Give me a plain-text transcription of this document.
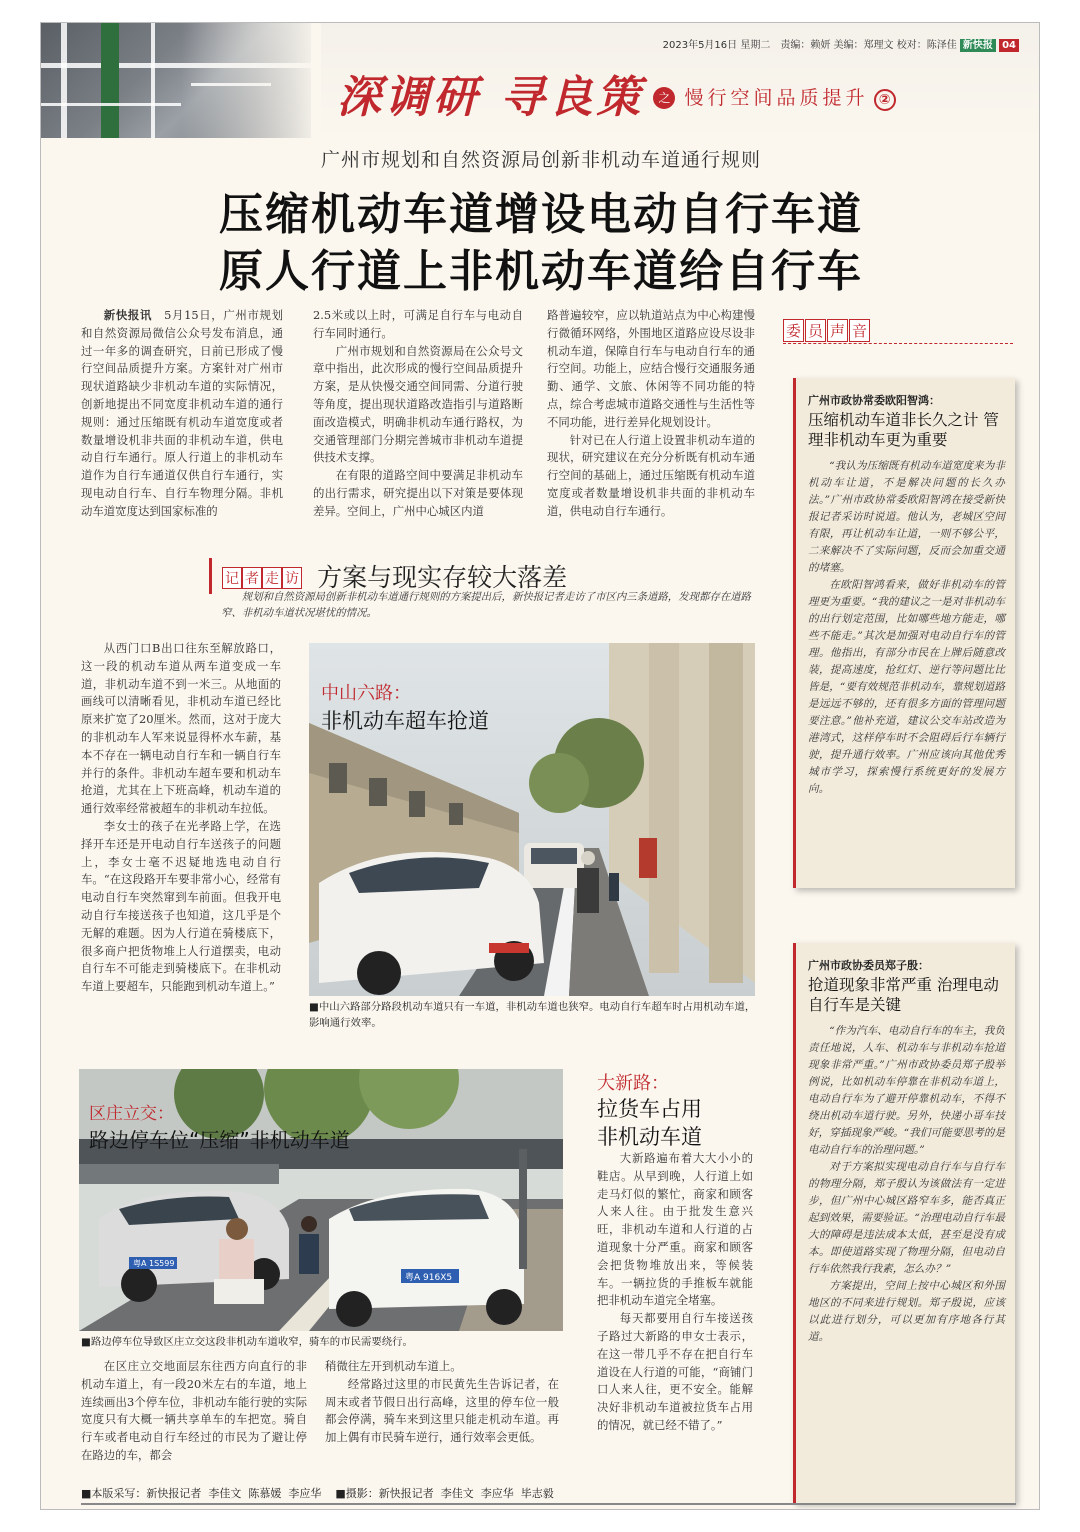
2023年5月16日 星期二　责编：赖妍 美编：郑理文 校对：陈泽佳 新快报 04
深调研 寻良策 之 慢行空间品质提升 ②
广州市规划和自然资源局创新非机动车道通行规则
压缩机动车道增设电动自行车道
原人行道上非机动车道给自行车

新快报讯　 5月15日，广州市规划和自然资源局微信公众号发布消息，通过一年多的调查研究，日前已形成了慢行空间品质提升方案。方案针对广州市现状道路缺少非机动车道的实际情况，创新地提出不同宽度非机动车道的通行规则：通过压缩既有机动车道宽度或者数量增设机非共面的非机动车道，供电动自行车通行。原人行道上的非机动车道作为自行车通道仅供自行车通行，实现电动自行车、自行车物理分隔。非机动车道宽度达到国家标准的

2.5米或以上时，可满足自行车与电动自行车同时通行。

广州市规划和自然资源局在公众号文章中指出，此次形成的慢行空间品质提升方案，是从快慢交通空间同需、分道行驶等角度，提出现状道路改造指引与道路断面改造模式，明确非机动车通行路权，为交通管理部门分期完善城市非机动车道提供技术支撑。

在有限的道路空间中要满足非机动车的出行需求，研究提出以下对策是要体现差异。空间上，广州中心城区内道

路普遍较窄，应以轨道站点为中心构建慢行微循环网络，外围地区道路应设尽设非机动车道，保障自行车与电动自行车的通行空间。功能上，应结合慢行交通服务通勤、通学、文旅、休闲等不同功能的特点，综合考虑城市道路交通性与生活性等不同功能，进行差异化规划设计。

针对已在人行道上设置非机动车道的现状，研究建议在充分分析既有机动车通行空间的基础上，通过压缩既有机动车道宽度或者数量增设机非共面的非机动车道，供电动自行车通行。

委 员 声 音
广州市政协常委欧阳智鸿：
压缩机动车道非长久之计 管理非机动车更为重要

“我认为压缩既有机动车道宽度来为非机动车让道，不是解决问题的长久办法。”广州市政协常委欧阳智鸿在接受新快报记者采访时说道。他认为，老城区空间有限，再让机动车让道，一则不够公平，二来解决不了实际问题，反而会加重交通的堵塞。

在欧阳智鸿看来，做好非机动车的管理更为重要。“我的建议之一是对非机动车的出行划定范围，比如哪些地方能走，哪些不能走。”其次是加强对电动自行车的管理。他指出，有部分市民在上牌后随意改装，提高速度，抢红灯、逆行等问题比比皆是，“要有效规范非机动车，靠规划道路是远远不够的，还有很多方面的管理问题要注意。”他补充道，建议公交车站改造为港湾式，这样停车时不会阻碍后行车辆行驶，提升通行效率。广州应该向其他优秀城市学习，探索慢行系统更好的发展方向。

广州市政协委员郑子殷：
抢道现象非常严重 治理电动自行车是关键

“作为汽车、电动自行车的车主，我负责任地说，人车、机动车与非机动车抢道现象非常严重。”广州市政协委员郑子殷举例说，比如机动车停靠在非机动车道上，电动自行车为了避开停靠机动车，不得不绕出机动车道行驶。另外，快递小哥车技好，穿插现象严峻。“我们可能要思考的是电动自行车的治理问题。”

对于方案拟实现电动自行车与自行车的物理分隔，郑子殷认为该做法有一定进步，但广州中心城区路窄车多，能否真正起到效果，需要验证。“治理电动自行车最大的障碍是违法成本太低，甚至是没有成本。即使道路实现了物理分隔，但电动自行车依然我行我素，怎么办？”

方案提出，空间上按中心城区和外围地区的不同来进行规划。郑子殷说，应该以此进行划分，可以更加有序地各行其道。

记 者 走 访 方案与现实存较大落差
规划和自然资源局创新非机动车道通行规则的方案提出后，新快报记者走访了市区内三条道路，发现都存在道路窄、非机动车道状况堪忧的情况。

从西门口B出口往东至解放路口，这一段的机动车道从两车道变成一车道，非机动车道不到一米三。从地面的画线可以清晰看见，非机动车道已经比原来扩宽了20厘米。然而，这对于庞大的非机动车人军来说显得杯水车薪，基本不存在一辆电动自行车和一辆自行车并行的条件。非机动车超车要和机动车抢道，尤其在上下班高峰，机动车道的通行效率经常被超车的非机动车拉低。

李女士的孩子在光孝路上学，在选择开车还是开电动自行车送孩子的问题上，李女士毫不迟疑地选电动自行车。“在这段路开车要非常小心，经常有电动自行车突然窜到车前面。但我开电动自行车接送孩子也知道，这几乎是个无解的难题。因为人行道在骑楼底下，很多商户把货物堆上人行道摆卖，电动自行车不可能走到骑楼底下。在非机动车道上要超车，只能跑到机动车道上。”

中山六路：
非机动车超车抢道
■中山六路部分路段机动车道只有一车道，非机动车道也狭窄。电动自行车超车时占用机动车道，影响通行效率。
粤A 1S599
粤A 916X5
区庄立交：
路边停车位“压缩”非机动车道
■路边停车位导致区庄立交这段非机动车道收窄，骑车的市民需要绕行。
大新路：
拉货车占用
非机动车道

大新路遍布着大大小小的鞋店。从早到晚，人行道上如走马灯似的繁忙，商家和顾客人来人往。由于批发生意兴旺，非机动车道和人行道的占道现象十分严重。商家和顾客会把货物堆放出来，等候装车。一辆拉货的手推板车就能把非机动车道完全堵塞。

每天都要用自行车接送孩子路过大新路的申女士表示，在这一带几乎不存在把自行车道设在人行道的可能，“商铺门口人来人往，更不安全。能解决好非机动车道被拉货车占用的情况，就已经不错了。”

在区庄立交地面层东往西方向直行的非机动车道上，有一段20米左右的车道，地上连续画出3个停车位，非机动车能行驶的实际宽度只有大概一辆共享单车的车把宽。骑自行车或者电动自行车经过的市民为了避让停在路边的车，都会

稍微往左开到机动车道上。

经常路过这里的市民黄先生告诉记者，在周末或者节假日出行高峰，这里的停车位一般都会停满，骑车来到这里只能走机动车道。再加上偶有市民骑车逆行，通行效率会更低。

■本版采写：新快报记者  李佳文  陈慕媛  李应华    ■摄影：新快报记者  李佳文  李应华  毕志毅
